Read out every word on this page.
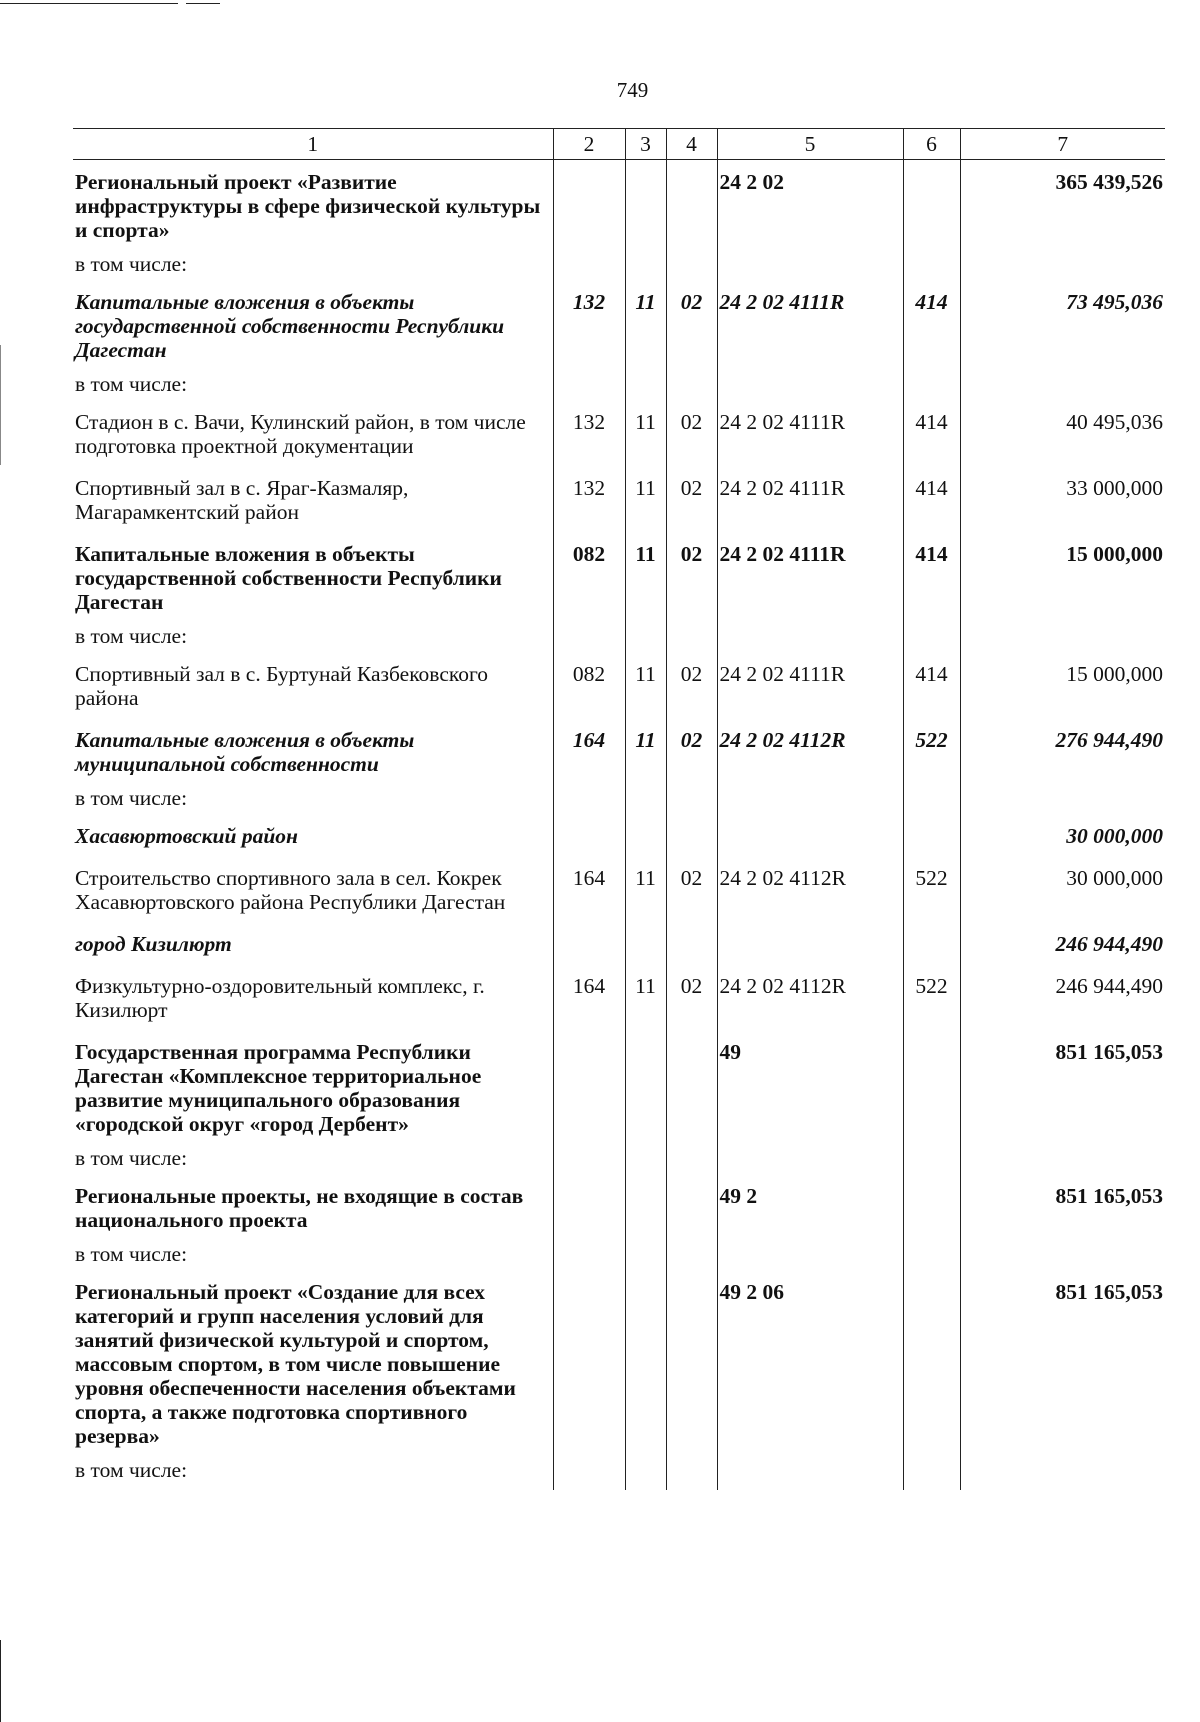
749
1	2	3	4	5	6	7
Региональный проект «Развитие инфраструктуры в сфере физической культуры и спорта»				24 2 02		365 439,526
в том числе:						
Капитальные вложения в объекты государственной собственности Республики Дагестан	132	11	02	24 2 02 4111R	414	73 495,036
в том числе:						
Стадион в с. Вачи, Кулинский район, в том числе подготовка проектной документации	132	11	02	24 2 02 4111R	414	40 495,036
Спортивный зал в с. Яраг-Казмаляр, Магарамкентский район	132	11	02	24 2 02 4111R	414	33 000,000
Капитальные вложения в объекты государственной собственности Республики Дагестан	082	11	02	24 2 02 4111R	414	15 000,000
в том числе:						
Спортивный зал в с. Буртунай Казбековского района	082	11	02	24 2 02 4111R	414	15 000,000
Капитальные вложения в объекты муниципальной собственности	164	11	02	24 2 02 4112R	522	276 944,490
в том числе:						
Хасавюртовский район						30 000,000
Строительство спортивного зала в сел. Кокрек Хасавюртовского района Республики Дагестан	164	11	02	24 2 02 4112R	522	30 000,000
город Кизилюрт						246 944,490
Физкультурно-оздоровительный комплекс, г. Кизилюрт	164	11	02	24 2 02 4112R	522	246 944,490
Государственная программа Республики Дагестан «Комплексное территориальное развитие муниципального образования «городской округ «город Дербент»				49		851 165,053
в том числе:						
Региональные проекты, не входящие в состав национального проекта				49 2		851 165,053
в том числе:						
Региональный проект «Создание для всех категорий и групп населения условий для занятий физической культурой и спортом, массовым спортом, в том числе повышение уровня обеспеченности населения объектами спорта, а также подготовка спортивного резерва»				49 2 06		851 165,053
в том числе:						
